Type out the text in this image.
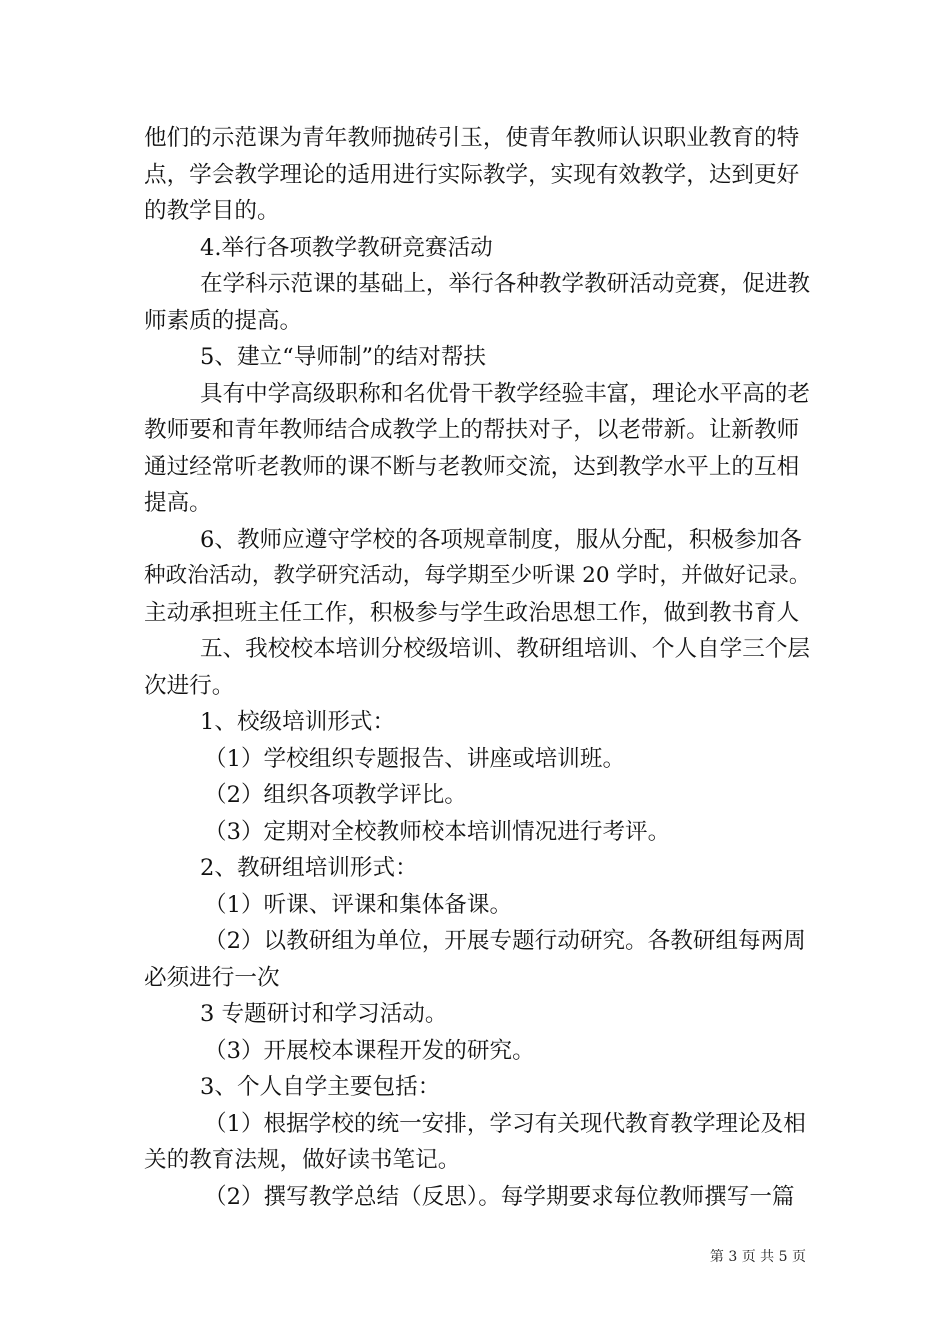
他们的示范课为青年教师抛砖引玉，使青年教师认识职业教育的特
点，学会教学理论的适用进行实际教学，实现有效教学，达到更好
的教学目的。
4.举行各项教学教研竞赛活动
在学科示范课的基础上，举行各种教学教研活动竞赛，促进教
师素质的提高。
5、建立“导师制”的结对帮扶
具有中学高级职称和名优骨干教学经验丰富，理论水平高的老
教师要和青年教师结合成教学上的帮扶对子，以老带新。让新教师
通过经常听老教师的课不断与老教师交流，达到教学水平上的互相
提高。
6、教师应遵守学校的各项规章制度，服从分配，积极参加各
种政治活动，教学研究活动，每学期至少听课 20 学时，并做好记录。
主动承担班主任工作，积极参与学生政治思想工作，做到教书育人
五、我校校本培训分校级培训、教研组培训、个人自学三个层
次进行。
1、校级培训形式：
（1）学校组织专题报告、讲座或培训班。
（2）组织各项教学评比。
（3）定期对全校教师校本培训情况进行考评。
2、教研组培训形式：
（1）听课、评课和集体备课。
（2）以教研组为单位，开展专题行动研究。各教研组每两周
必须进行一次
3 专题研讨和学习活动。
（3）开展校本课程开发的研究。
3、个人自学主要包括：
（1）根据学校的统一安排，学习有关现代教育教学理论及相
关的教育法规，做好读书笔记。
（2）撰写教学总结（反思）。每学期要求每位教师撰写一篇
第 3 页 共 5 页
